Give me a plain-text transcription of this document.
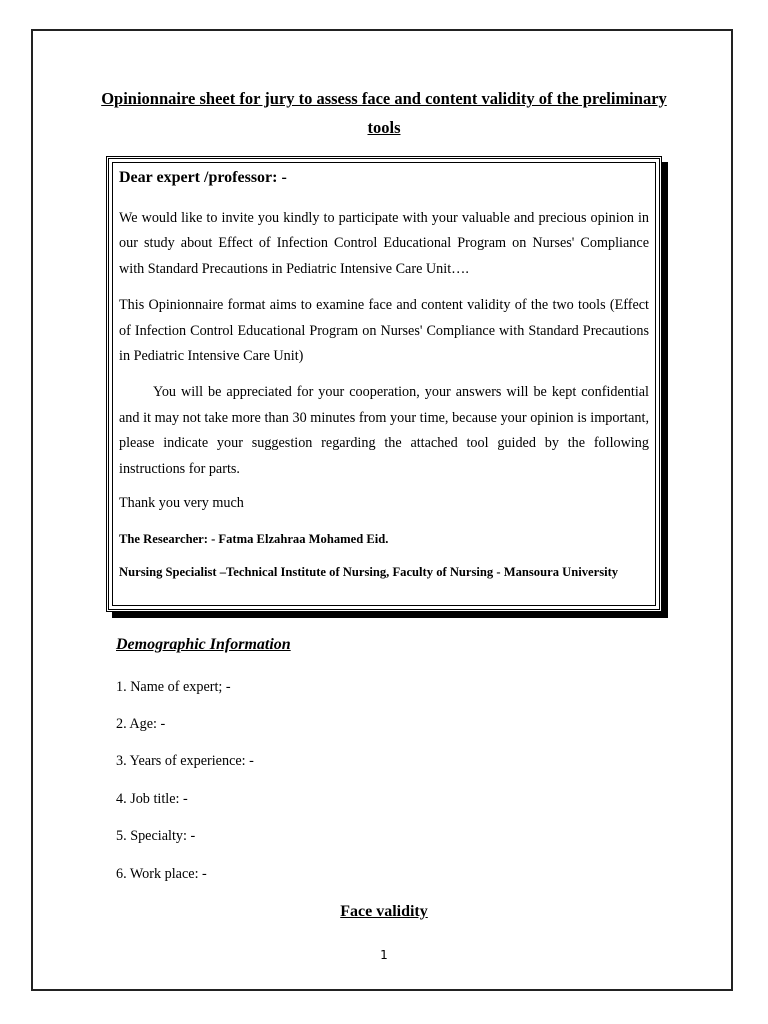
Opinionnaire sheet for jury to assess face and content validity of the preliminary tools
Dear expert /professor: -

We would like to invite you kindly to participate with your valuable and precious opinion in our study about Effect of Infection Control Educational Program on Nurses' Compliance with Standard Precautions in Pediatric Intensive Care Unit….

This Opinionnaire format aims to examine face and content validity of the two tools (Effect of Infection Control Educational Program on Nurses' Compliance with Standard Precautions in Pediatric Intensive Care Unit)

You will be appreciated for your cooperation, your answers will be kept confidential and it may not take more than 30 minutes from your time, because your opinion is important, please indicate your suggestion regarding the attached tool guided by the following instructions for parts.

Thank you very much

The Researcher: - Fatma Elzahraa Mohamed Eid.

Nursing Specialist –Technical Institute of Nursing, Faculty of Nursing - Mansoura University

Demographic Information
1. Name of expert; -
2. Age: -
3. Years of experience: -
4. Job title: -
5. Specialty: -
6. Work place: -
Face validity
1
